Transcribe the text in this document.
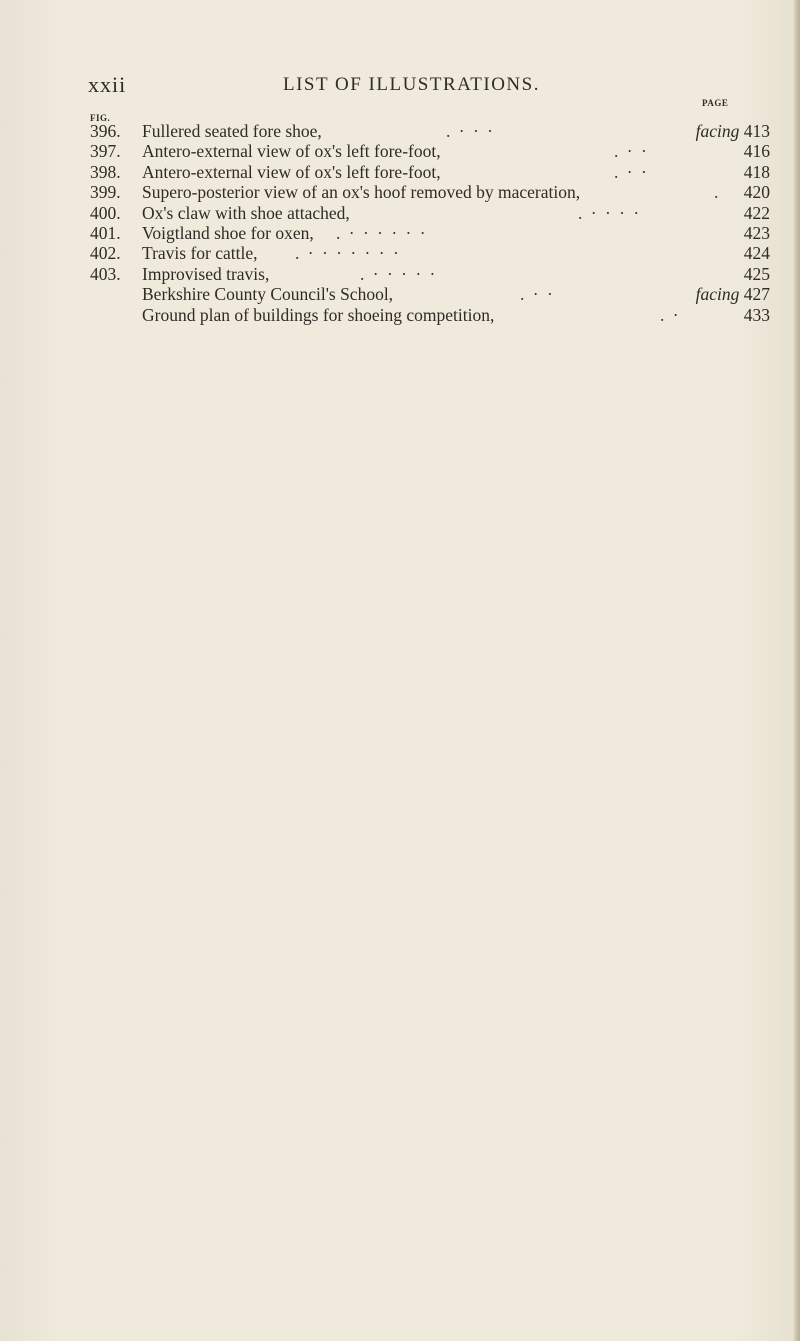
xxii	LIST OF ILLUSTRATIONS.
FIG.
PAGE
396. Fullered seated fore shoe,	. · · ·	facing 413
397. Antero-external view of ox's left fore-foot,	. · ·	416
398. Antero-external view of ox's left fore-foot,	. · ·	418
399. Supero-posterior view of an ox's hoof removed by maceration,	. 420
400. Ox's claw with shoe attached,	. · · · ·	422
401. Voigtland shoe for oxen, . · · · · · ·	423
402. Travis for cattle, . · · · · · · ·	424
403. Improvised travis,	. · · · · ·	425
Berkshire County Council's School,	. · ·	facing 427
Ground plan of buildings for shoeing competition,	. ·	433
